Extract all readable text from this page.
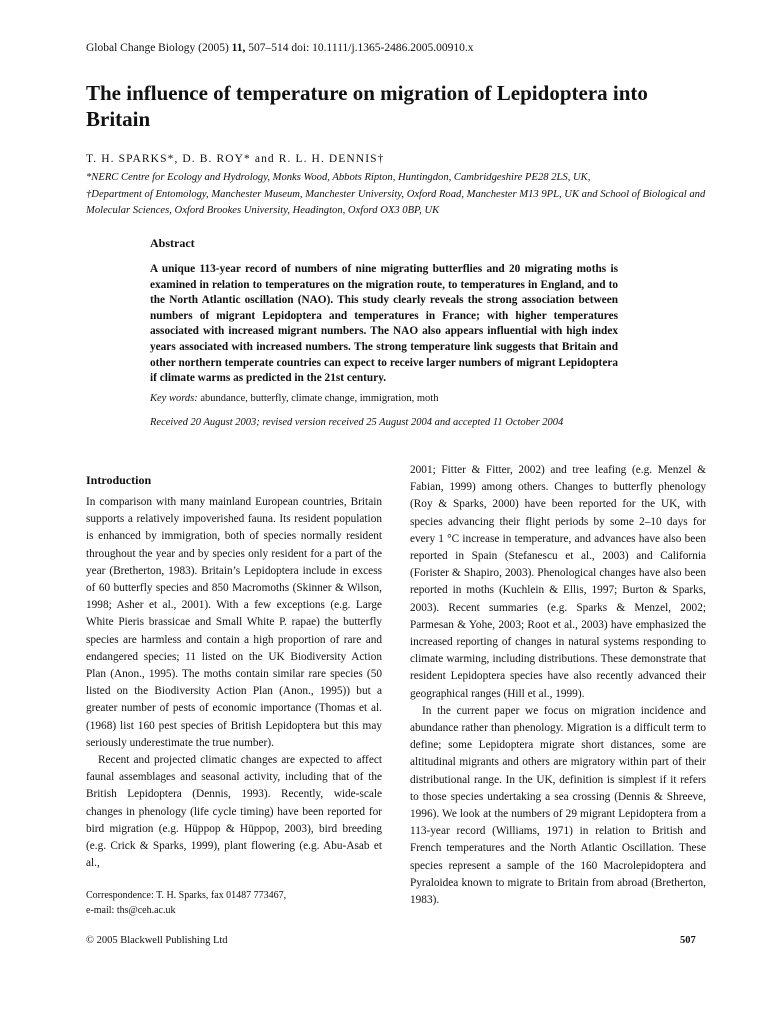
Global Change Biology (2005) 11, 507–514 doi: 10.1111/j.1365-2486.2005.00910.x
The influence of temperature on migration of Lepidoptera into Britain
T. H. SPARKS*, D. B. ROY* and R. L. H. DENNIS†
*NERC Centre for Ecology and Hydrology, Monks Wood, Abbots Ripton, Huntingdon, Cambridgeshire PE28 2LS, UK,
†Department of Entomology, Manchester Museum, Manchester University, Oxford Road, Manchester M13 9PL, UK and School of Biological and Molecular Sciences, Oxford Brookes University, Headington, Oxford OX3 0BP, UK
Abstract

A unique 113-year record of numbers of nine migrating butterflies and 20 migrating moths is examined in relation to temperatures on the migration route, to temperatures in England, and to the North Atlantic oscillation (NAO). This study clearly reveals the strong association between numbers of migrant Lepidoptera and temperatures in France; with higher temperatures associated with increased migrant numbers. The NAO also appears influential with high index years associated with increased numbers. The strong temperature link suggests that Britain and other northern temperate countries can expect to receive larger numbers of migrant Lepidoptera if climate warms as predicted in the 21st century.

Key words: abundance, butterfly, climate change, immigration, moth
Received 20 August 2003; revised version received 25 August 2004 and accepted 11 October 2004
Introduction

In comparison with many mainland European countries, Britain supports a relatively impoverished fauna. Its resident population is enhanced by immigration, both of species normally resident throughout the year and by species only resident for a part of the year (Bretherton, 1983). Britain’s Lepidoptera include in excess of 60 butterfly species and 850 Macromoths (Skinner & Wilson, 1998; Asher et al., 2001). With a few exceptions (e.g. Large White Pieris brassicae and Small White P. rapae) the butterfly species are harmless and contain a high proportion of rare and endangered species; 11 listed on the UK Biodiversity Action Plan (Anon., 1995). The moths contain similar rare species (50 listed on the Biodiversity Action Plan (Anon., 1995)) but a greater number of pests of economic importance (Thomas et al. (1968) list 160 pest species of British Lepidoptera but this may seriously underestimate the true number).

Recent and projected climatic changes are expected to affect faunal assemblages and seasonal activity, including that of the British Lepidoptera (Dennis, 1993). Recently, wide-scale changes in phenology (life cycle timing) have been reported for bird migration (e.g. Hüppop & Hüppop, 2003), bird breeding (e.g. Crick & Sparks, 1999), plant flowering (e.g. Abu-Asab et al.,

2001; Fitter & Fitter, 2002) and tree leafing (e.g. Menzel & Fabian, 1999) among others. Changes to butterfly phenology (Roy & Sparks, 2000) have been reported for the UK, with species advancing their flight periods by some 2–10 days for every 1 °C increase in temperature, and advances have also been reported in Spain (Stefanescu et al., 2003) and California (Forister & Shapiro, 2003). Phenological changes have also been reported in moths (Kuchlein & Ellis, 1997; Burton & Sparks, 2003). Recent summaries (e.g. Sparks & Menzel, 2002; Parmesan & Yohe, 2003; Root et al., 2003) have emphasized the increased reporting of changes in natural systems responding to climate warming, including distributions. These demonstrate that resident Lepidoptera species have also recently advanced their geographical ranges (Hill et al., 1999).

In the current paper we focus on migration incidence and abundance rather than phenology. Migration is a difficult term to define; some Lepidoptera migrate short distances, some are altitudinal migrants and others are migratory within part of their distributional range. In the UK, definition is simplest if it refers to those species undertaking a sea crossing (Dennis & Shreeve, 1996). We look at the numbers of 29 migrant Lepidoptera from a 113-year record (Williams, 1971) in relation to British and French temperatures and the North Atlantic Oscillation. These species represent a sample of the 160 Macrolepidoptera and Pyraloidea known to migrate to Britain from abroad (Bretherton, 1983).

Correspondence: T. H. Sparks, fax 01487 773467,
e-mail: ths@ceh.ac.uk
© 2005 Blackwell Publishing Ltd	507
